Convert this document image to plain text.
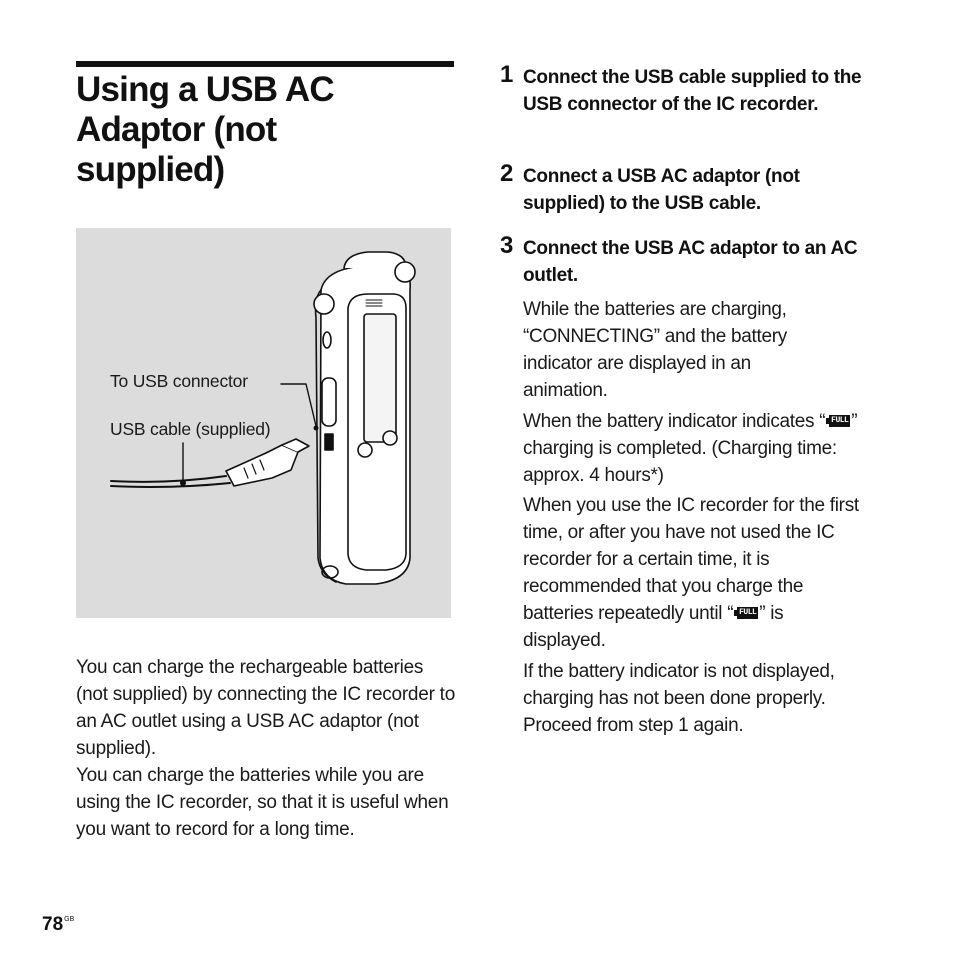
Using a USB AC
Adaptor (not
supplied)
To USB connector
USB cable (supplied)

You can charge the rechargeable batteries (not supplied) by connecting the IC recorder to an AC outlet using a USB AC adaptor (not supplied).

You can charge the batteries while you are using the IC recorder, so that it is useful when you want to record for a long time.

1 Connect the USB cable supplied to the USB connector of the IC recorder.
2 Connect a USB AC adaptor (not supplied) to the USB cable.
3 Connect the USB AC adaptor to an AC outlet.

While the batteries are charging, “CONNECTING” and the battery indicator are displayed in an animation.

When the battery indicator indicates “ FULL ” charging is completed. (Charging time: approx. 4 hours*)

When you use the IC recorder for the first time, or after you have not used the IC recorder for a certain time, it is recommended that you charge the batteries repeatedly until “ FULL ” is displayed.

If the battery indicator is not displayed, charging has not been done properly. Proceed from step 1 again.

$78^{GB}$
